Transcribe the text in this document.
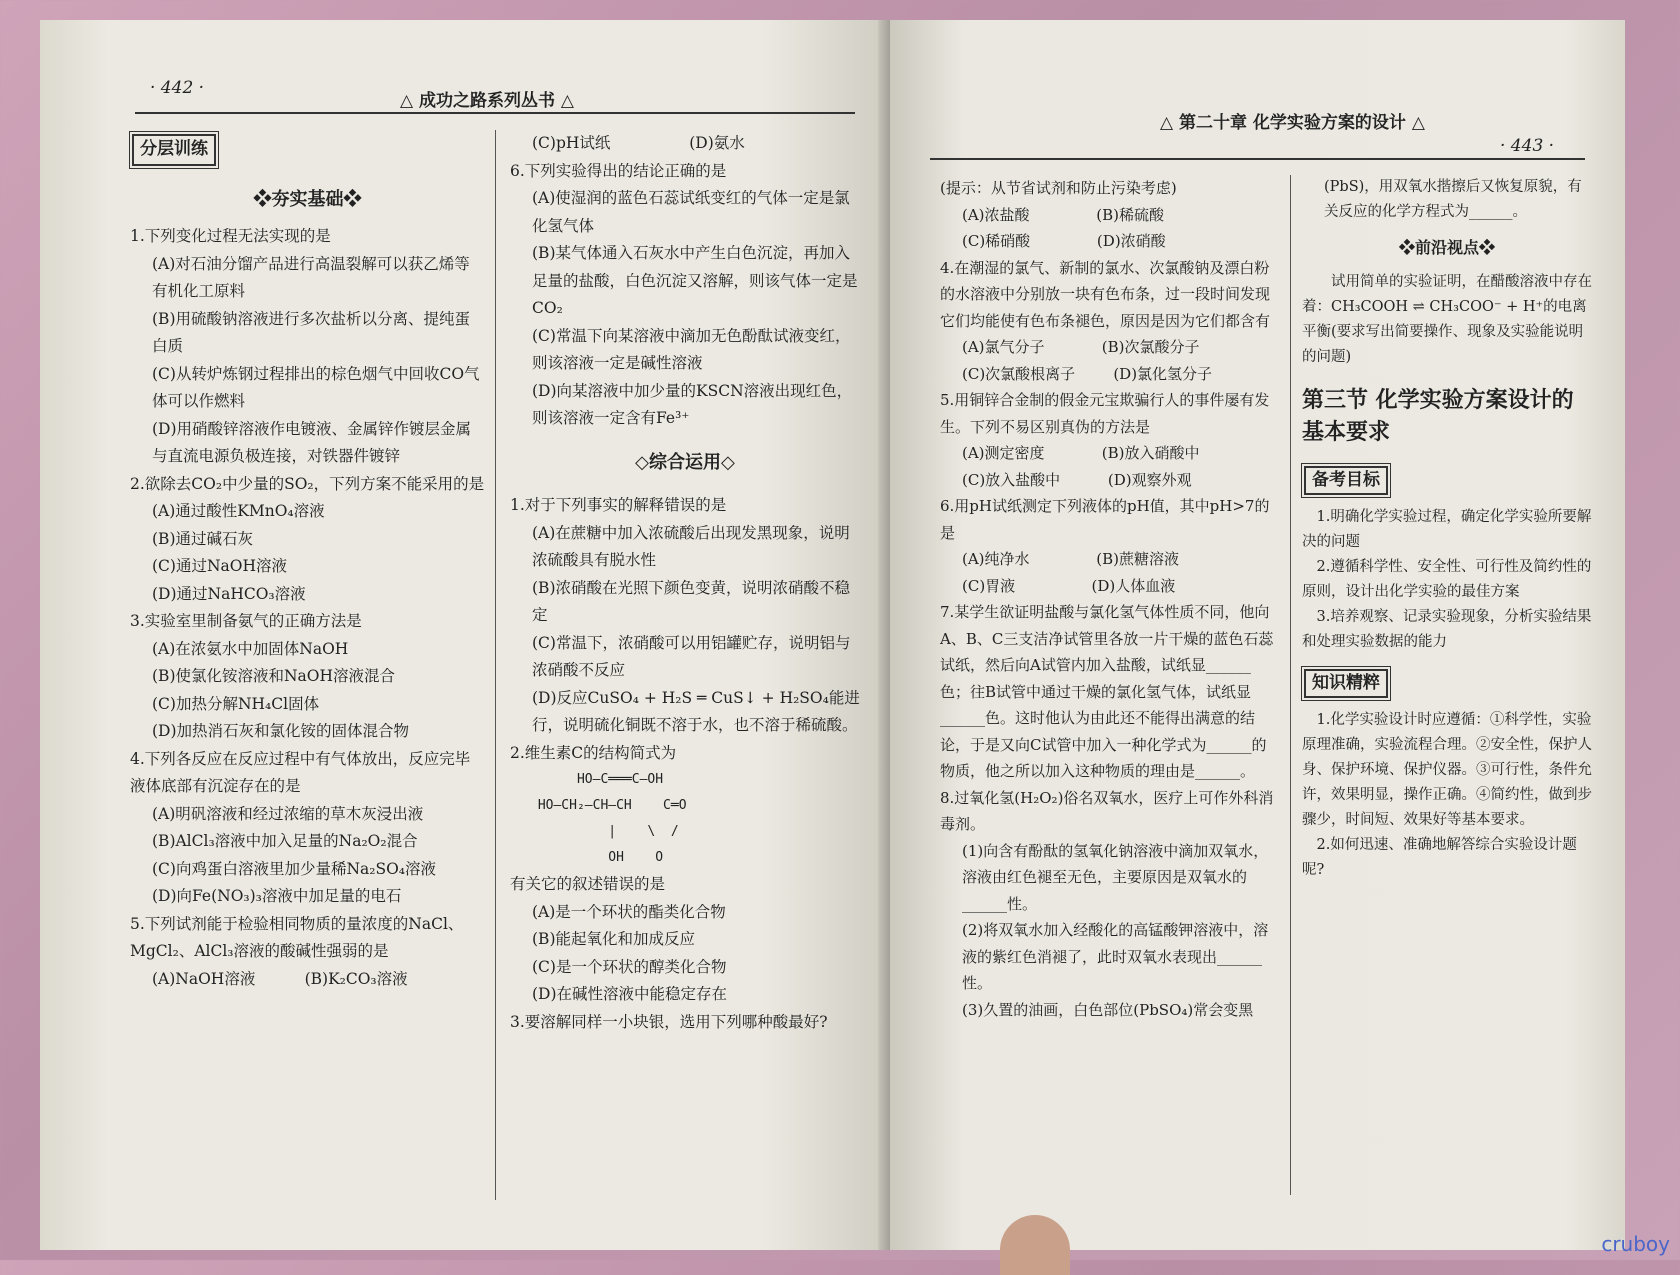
· 442 ·
△ 成功之路系列丛书 △
分层训练
❖夯实基础❖

1.下列变化过程无法实现的是

(A)对石油分馏产品进行高温裂解可以获乙烯等有机化工原料

(B)用硫酸钠溶液进行多次盐析以分离、提纯蛋白质

(C)从转炉炼钢过程排出的棕色烟气中回收CO气体可以作燃料

(D)用硝酸锌溶液作电镀液、金属锌作镀层金属与直流电源负极连接，对铁器件镀锌

2.欲除去CO₂中少量的SO₂，下列方案不能采用的是

(A)通过酸性KMnO₄溶液

(B)通过碱石灰

(C)通过NaOH溶液

(D)通过NaHCO₃溶液

3.实验室里制备氨气的正确方法是

(A)在浓氨水中加固体NaOH

(B)使氯化铵溶液和NaOH溶液混合

(C)加热分解NH₄Cl固体

(D)加热消石灰和氯化铵的固体混合物

4.下列各反应在反应过程中有气体放出，反应完毕液体底部有沉淀存在的是

(A)明矾溶液和经过浓缩的草木灰浸出液

(B)AlCl₃溶液中加入足量的Na₂O₂混合

(C)向鸡蛋白溶液里加少量稀Na₂SO₄溶液

(D)向Fe(NO₃)₃溶液中加足量的电石

5.下列试剂能于检验相同物质的量浓度的NaCl、MgCl₂、AlCl₃溶液的酸碱性强弱的是

(A)NaOH溶液          (B)K₂CO₃溶液

(C)pH试纸                (D)氨水

6.下列实验得出的结论正确的是

(A)使湿润的蓝色石蕊试纸变红的气体一定是氯化氢气体

(B)某气体通入石灰水中产生白色沉淀，再加入足量的盐酸，白色沉淀又溶解，则该气体一定是CO₂

(C)常温下向某溶液中滴加无色酚酞试液变红，则该溶液一定是碱性溶液

(D)向某溶液中加少量的KSCN溶液出现红色，则该溶液一定含有Fe³⁺

◇综合运用◇

1.对于下列事实的解释错误的是

(A)在蔗糖中加入浓硫酸后出现发黑现象，说明浓硫酸具有脱水性

(B)浓硝酸在光照下颜色变黄，说明浓硝酸不稳定

(C)常温下，浓硝酸可以用铝罐贮存，说明铝与浓硝酸不反应

(D)反应CuSO₄ + H₂S ═ CuS↓ + H₂SO₄能进行，说明硫化铜既不溶于水，也不溶于稀硫酸。

2.维生素C的结构简式为

HO—C═══C—OH
HO—CH₂—CH—CH    C═O
|    \  /
OH    O

有关它的叙述错误的是

(A)是一个环状的酯类化合物

(B)能起氧化和加成反应

(C)是一个环状的醇类化合物

(D)在碱性溶液中能稳定存在

3.要溶解同样一小块银，选用下列哪种酸最好?

△ 第二十章 化学实验方案的设计 △
· 443 ·

(提示：从节省试剂和防止污染考虑)

(A)浓盐酸              (B)稀硫酸

(C)稀硝酸              (D)浓硝酸

4.在潮湿的氯气、新制的氯水、次氯酸钠及漂白粉的水溶液中分别放一块有色布条，过一段时间发现它们均能使有色布条褪色，原因是因为它们都含有

(A)氯气分子            (B)次氯酸分子

(C)次氯酸根离子        (D)氯化氢分子

5.用铜锌合金制的假金元宝欺骗行人的事件屡有发生。下列不易区别真伪的方法是

(A)测定密度            (B)放入硝酸中

(C)放入盐酸中          (D)观察外观

6.用pH试纸测定下列液体的pH值，其中pH>7的是

(A)纯净水              (B)蔗糖溶液

(C)胃液                (D)人体血液

7.某学生欲证明盐酸与氯化氢气体性质不同，他向A、B、C三支洁净试管里各放一片干燥的蓝色石蕊试纸，然后向A试管内加入盐酸，试纸显______色；往B试管中通过干燥的氯化氢气体，试纸显______色。这时他认为由此还不能得出满意的结论，于是又向C试管中加入一种化学式为______的物质，他之所以加入这种物质的理由是______。

8.过氧化氢(H₂O₂)俗名双氧水，医疗上可作外科消毒剂。

(1)向含有酚酞的氢氧化钠溶液中滴加双氧水，溶液由红色褪至无色，主要原因是双氧水的______性。

(2)将双氧水加入经酸化的高锰酸钾溶液中，溶液的紫红色消褪了，此时双氧水表现出______性。

(3)久置的油画，白色部位(PbSO₄)常会变黑

(PbS)，用双氧水揩擦后又恢复原貌，有关反应的化学方程式为______。

❖前沿视点❖

试用简单的实验证明，在醋酸溶液中存在着：CH₃COOH ⇌ CH₃COO⁻ + H⁺的电离平衡(要求写出简要操作、现象及实验能说明的问题)

第三节 化学实验方案设计的基本要求
备考目标

1.明确化学实验过程，确定化学实验所要解决的问题

2.遵循科学性、安全性、可行性及简约性的原则，设计出化学实验的最佳方案

3.培养观察、记录实验现象，分析实验结果和处理实验数据的能力

知识精粹

1.化学实验设计时应遵循：①科学性，实验原理准确，实验流程合理。②安全性，保护人身、保护环境、保护仪器。③可行性，条件允许，效果明显，操作正确。④简约性，做到步骤少，时间短、效果好等基本要求。

2.如何迅速、准确地解答综合实验设计题呢?

cruboy
